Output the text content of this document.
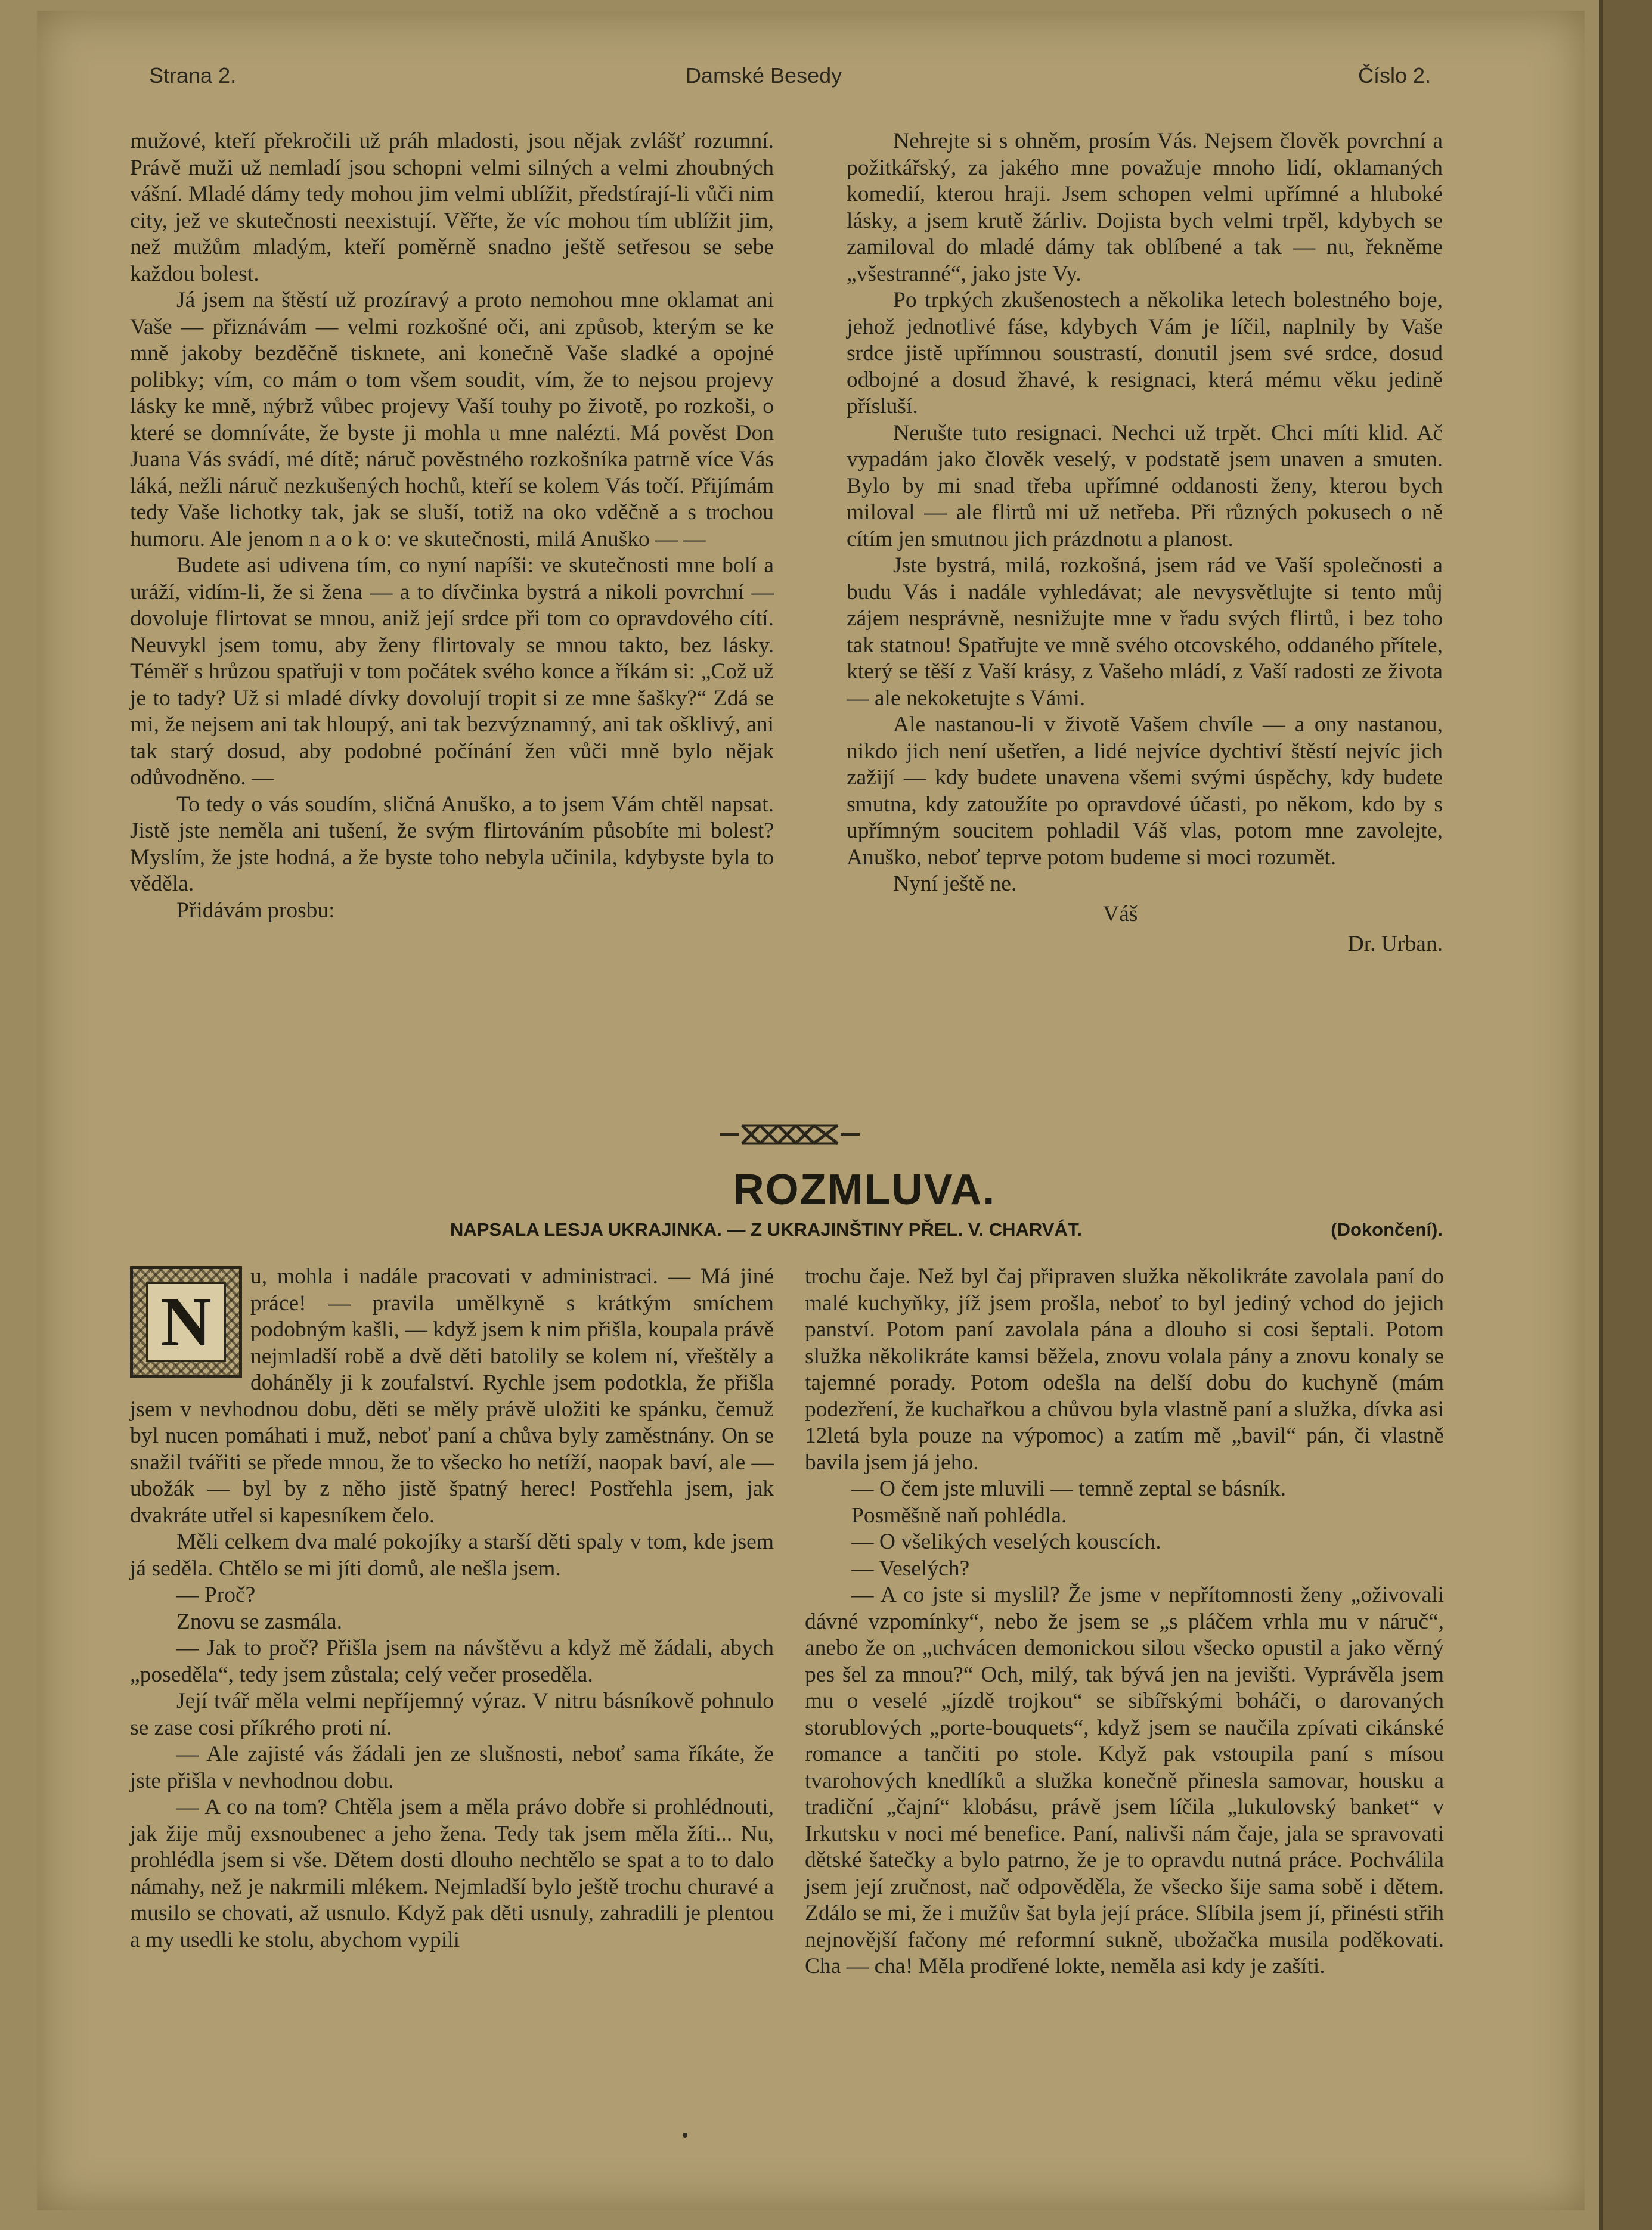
Strana 2.	Damské Besedy	Číslo 2.

mužové, kteří překročili už práh mladosti, jsou nějak zvlášť rozumní. Právě muži už nemladí jsou schopni velmi silných a velmi zhoubných vášní. Mladé dámy tedy mohou jim velmi ublížit, předstírají-li vůči nim city, jež ve skutečnosti neexistují. Věřte, že víc mohou tím ublížit jim, než mužům mladým, kteří poměrně snadno ještě setřesou se sebe každou bolest.

Já jsem na štěstí už prozíravý a proto nemohou mne oklamat ani Vaše — přiznávám — velmi rozkošné oči, ani způsob, kterým se ke mně jakoby bezděčně tisknete, ani konečně Vaše sladké a opojné polibky; vím, co mám o tom všem soudit, vím, že to nejsou projevy lásky ke mně, nýbrž vůbec projevy Vaší touhy po životě, po rozkoši, o které se domníváte, že byste ji mohla u mne nalézti. Má pověst Don Juana Vás svádí, mé dítě; náruč pověstného rozkošníka patrně více Vás láká, nežli náruč nezkušených hochů, kteří se kolem Vás točí. Přijímám tedy Vaše lichotky tak, jak se sluší, totiž na oko vděčně a s trochou humoru. Ale jenom n a o k o: ve skutečnosti, milá Anuško — —

Budete asi udivena tím, co nyní napíši: ve skutečnosti mne bolí a uráží, vidím-li, že si žena — a to dívčinka bystrá a nikoli povrchní — dovoluje flirtovat se mnou, aniž její srdce při tom co opravdového cítí. Neuvykl jsem tomu, aby ženy flirtovaly se mnou takto, bez lásky. Téměř s hrůzou spatřuji v tom počátek svého konce a říkám si: „Což už je to tady? Už si mladé dívky dovolují tropit si ze mne šašky?“ Zdá se mi, že nejsem ani tak hloupý, ani tak bezvýznamný, ani tak ošklivý, ani tak starý dosud, aby podobné počínání žen vůči mně bylo nějak odůvodněno. —

To tedy o vás soudím, sličná Anuško, a to jsem Vám chtěl napsat. Jistě jste neměla ani tušení, že svým flirtováním působíte mi bolest? Myslím, že jste hodná, a že byste toho nebyla učinila, kdybyste byla to věděla.

Přidávám prosbu:

Nehrejte si s ohněm, prosím Vás. Nejsem člověk povrchní a požitkářský, za jakého mne považuje mnoho lidí, oklamaných komedií, kterou hraji. Jsem schopen velmi upřímné a hluboké lásky, a jsem krutě žárliv. Dojista bych velmi trpěl, kdybych se zamiloval do mladé dámy tak oblíbené a tak — nu, řekněme „všestranné“, jako jste Vy.

Po trpkých zkušenostech a několika letech bolestného boje, jehož jednotlivé fáse, kdybych Vám je líčil, naplnily by Vaše srdce jistě upřímnou soustrastí, donutil jsem své srdce, dosud odbojné a dosud žhavé, k resignaci, která mému věku jedině přísluší.

Nerušte tuto resignaci. Nechci už trpět. Chci míti klid. Ač vypadám jako člověk veselý, v podstatě jsem unaven a smuten. Bylo by mi snad třeba upřímné oddanosti ženy, kterou bych miloval — ale flirtů mi už netřeba. Při různých pokusech o ně cítím jen smutnou jich prázdnotu a planost.

Jste bystrá, milá, rozkošná, jsem rád ve Vaší společnosti a budu Vás i nadále vyhledávat; ale nevysvětlujte si tento můj zájem nesprávně, nesnižujte mne v řadu svých flirtů, i bez toho tak statnou! Spatřujte ve mně svého otcovského, oddaného přítele, který se těší z Vaší krásy, z Vašeho mládí, z Vaší radosti ze života — ale nekoketujte s Vámi.

Ale nastanou-li v životě Vašem chvíle — a ony nastanou, nikdo jich není ušetřen, a lidé nejvíce dychtiví štěstí nejvíc jich zažijí — kdy budete unavena všemi svými úspěchy, kdy budete smutna, kdy zatoužíte po opravdové účasti, po někom, kdo by s upřímným soucitem pohladil Váš vlas, potom mne zavolejte, Anuško, neboť teprve potom budeme si moci rozumět.

Nyní ještě ne.

Váš

Dr. Urban.

ROZMLUVA.
NAPSALA LESJA UKRAJINKA. — Z UKRAJINŠTINY PŘEL. V. CHARVÁT.	(Dokončení).
N

u, mohla i nadále pracovati v administraci. — Má jiné práce! — pravila umělkyně s krátkým smíchem podobným kašli, — když jsem k nim přišla, koupala právě nejmladší robě a dvě děti batolily se kolem ní, vřeštěly a doháněly ji k zoufalství. Rychle jsem podotkla, že přišla jsem v nevhodnou dobu, děti se měly právě uložiti ke spánku, čemuž byl nucen pomáhati i muž, neboť paní a chůva byly zaměstnány. On se snažil tvářiti se přede mnou, že to všecko ho netíží, naopak baví, ale — ubožák — byl by z něho jistě špatný herec! Postřehla jsem, jak dvakráte utřel si kapesníkem čelo.

Měli celkem dva malé pokojíky a starší děti spaly v tom, kde jsem já seděla. Chtělo se mi jíti domů, ale nešla jsem.

— Proč?

Znovu se zasmála.

— Jak to proč? Přišla jsem na návštěvu a když mě žádali, abych „poseděla“, tedy jsem zůstala; celý večer proseděla.

Její tvář měla velmi nepříjemný výraz. V nitru básníkově pohnulo se zase cosi příkrého proti ní.

— Ale zajisté vás žádali jen ze slušnosti, neboť sama říkáte, že jste přišla v nevhodnou dobu.

— A co na tom? Chtěla jsem a měla právo dobře si prohlédnouti, jak žije můj exsnoubenec a jeho žena. Tedy tak jsem měla žíti... Nu, prohlédla jsem si vše. Dětem dosti dlouho nechtělo se spat a to to dalo námahy, než je nakrmili mlékem. Nejmladší bylo ještě trochu churavé a musilo se chovati, až usnulo. Když pak děti usnuly, zahradili je plentou a my usedli ke stolu, abychom vypili

trochu čaje. Než byl čaj připraven služka několikráte zavolala paní do malé kuchyňky, jíž jsem prošla, neboť to byl jediný vchod do jejich panství. Potom paní zavolala pána a dlouho si cosi šeptali. Potom služka několikráte kamsi běžela, znovu volala pány a znovu konaly se tajemné porady. Potom odešla na delší dobu do kuchyně (mám podezření, že kuchařkou a chůvou byla vlastně paní a služka, dívka asi 12letá byla pouze na výpomoc) a zatím mě „bavil“ pán, či vlastně bavila jsem já jeho.

— O čem jste mluvili — temně zeptal se básník.

Posměšně naň pohlédla.

— O všelikých veselých kouscích.

— Veselých?

— A co jste si myslil? Že jsme v nepřítomnosti ženy „oživovali dávné vzpomínky“, nebo že jsem se „s pláčem vrhla mu v náruč“, anebo že on „uchvácen demonickou silou všecko opustil a jako věrný pes šel za mnou?“ Och, milý, tak bývá jen na jevišti. Vyprávěla jsem mu o veselé „jízdě trojkou“ se sibířskými boháči, o darovaných storublových „porte-bouquets“, když jsem se naučila zpívati cikánské romance a tančiti po stole. Když pak vstoupila paní s mísou tvarohových knedlíků a služka konečně přinesla samovar, housku a tradiční „čajní“ klobásu, právě jsem líčila „lukulovský banket“ v Irkutsku v noci mé benefice. Paní, nalivši nám čaje, jala se spravovati dětské šatečky a bylo patrno, že je to opravdu nutná práce. Pochválila jsem její zručnost, nač odpověděla, že všecko šije sama sobě i dětem. Zdálo se mi, že i mužův šat byla její práce. Slíbila jsem jí, přinésti střih nejnovější fačony mé reformní sukně, ubožačka musila poděkovati. Cha — cha! Měla prodřené lokte, neměla asi kdy je zašíti.
